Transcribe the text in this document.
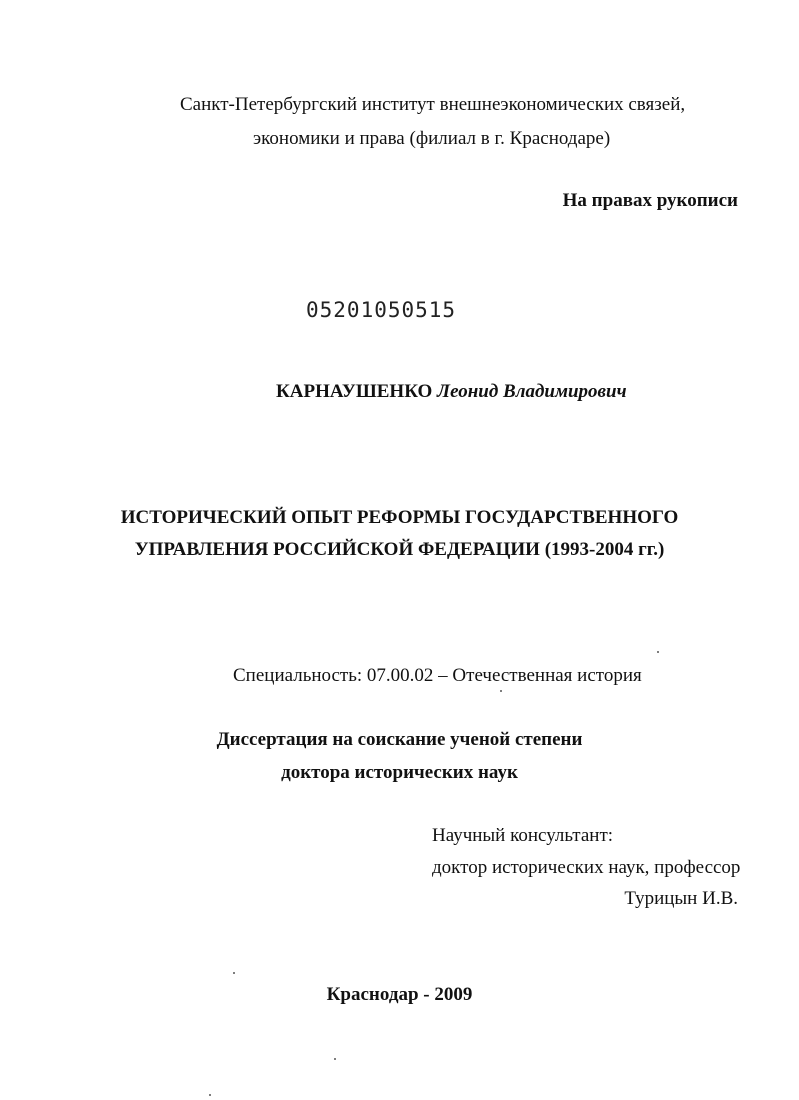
Санкт-Петербургский институт внешнеэкономических связей,
экономики и права (филиал в г. Краснодаре)
На правах рукописи
05201050515
КАРНАУШЕНКО Леонид Владимирович
ИСТОРИЧЕСКИЙ ОПЫТ РЕФОРМЫ ГОСУДАРСТВЕННОГО
УПРАВЛЕНИЯ РОССИЙСКОЙ ФЕДЕРАЦИИ (1993-2004 гг.)
Специальность: 07.00.02 – Отечественная история
Диссертация на соискание ученой степени
доктора исторических наук
Научный консультант:
доктор исторических наук, профессор
Турицын И.В.
Краснодар - 2009
